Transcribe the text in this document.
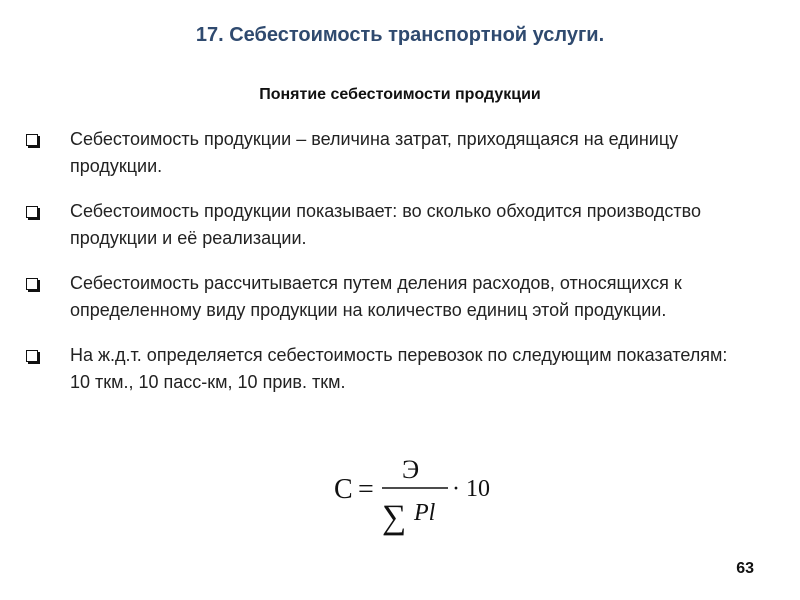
17. Себестоимость транспортной услуги.
Понятие себестоимости продукции
Себестоимость продукции – величина затрат, приходящаяся на единицу продукции.
Себестоимость продукции показывает: во сколько обходится производство продукции и её реализации.
Себестоимость рассчитывается путем деления расходов, относящихся к определенному виду продукции на количество единиц этой продукции.
На ж.д.т. определяется себестоимость перевозок по следующим показателям: 10 ткм., 10 пасс-км, 10 прив. ткм.
С =
Э
∑ Pl
· 10
63
